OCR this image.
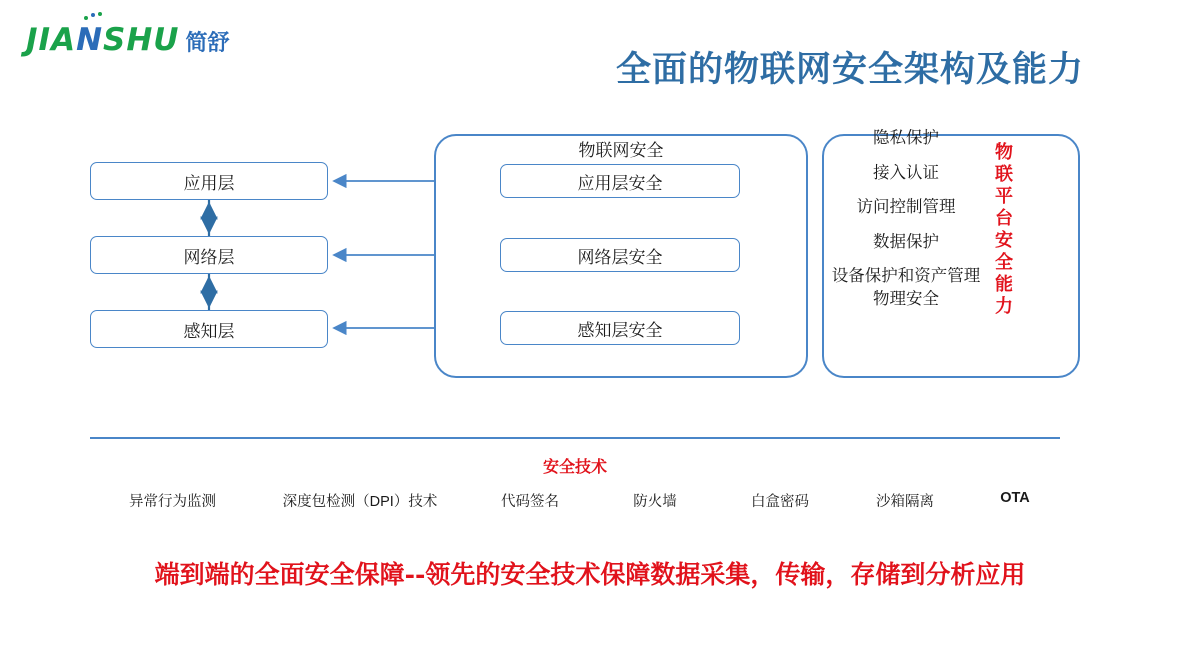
JIANSHU 简舒
全面的物联网安全架构及能力
应用层
网络层
感知层
物联网安全
应用层安全
网络层安全
感知层安全
隐私保护
接入认证
访问控制管理
数据保护
设备保护和资产管理
物理安全
物
联
平
台
安
全
能
力
安全技术
异常行为监测	深度包检测（DPI）技术	代码签名	防火墙	白盒密码	沙箱隔离	OTA
端到端的全面安全保障--领先的安全技术保障数据采集，传输，存储到分析应用
